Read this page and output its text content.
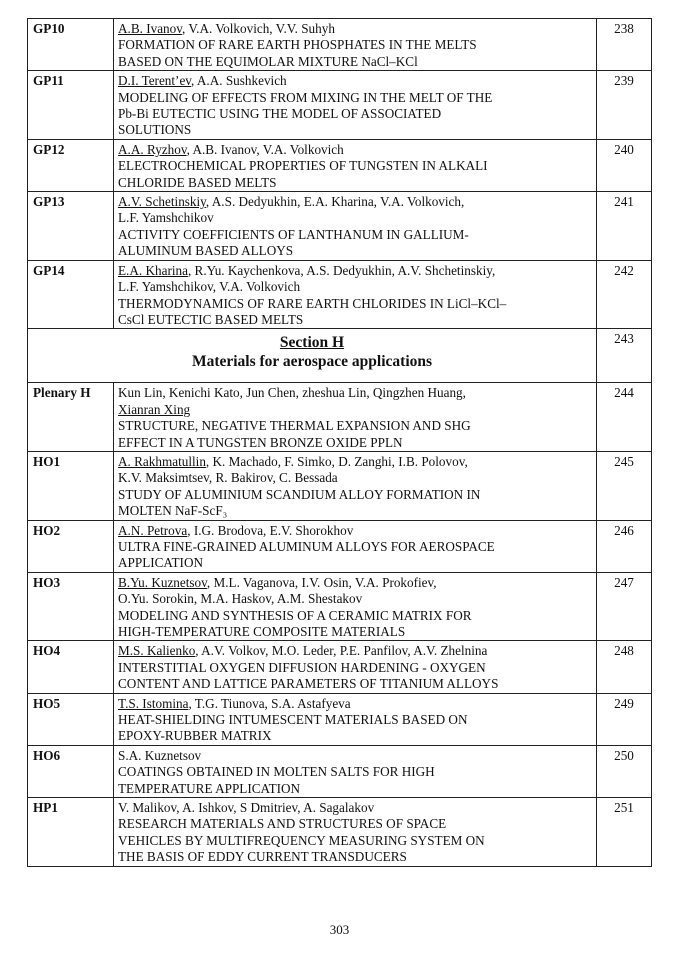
GP10	A.B. Ivanov, V.A. Volkovich, V.V. Suhyh
FORMATION OF RARE EARTH PHOSPHATES IN THE MELTS
BASED ON THE EQUIMOLAR MIXTURE NaCl–KCl	238
GP11	D.I. Terent’ev, A.A. Sushkevich
MODELING OF EFFECTS FROM MIXING IN THE MELT OF THE
Pb-Bi EUTECTIC USING THE MODEL OF ASSOCIATED
SOLUTIONS	239
GP12	A.A. Ryzhov, A.B. Ivanov, V.A. Volkovich
ELECTROCHEMICAL PROPERTIES OF TUNGSTEN IN ALKALI
CHLORIDE BASED MELTS	240
GP13	A.V. Schetinskiy, A.S. Dedyukhin, E.A. Kharina, V.A. Volkovich,
L.F. Yamshchikov
ACTIVITY COEFFICIENTS OF LANTHANUM IN GALLIUM-
ALUMINUM BASED ALLOYS	241
GP14	E.A. Kharina, R.Yu. Kaychenkova, A.S. Dedyukhin, A.V. Shchetinskiy,
L.F. Yamshchikov, V.A. Volkovich
THERMODYNAMICS OF RARE EARTH CHLORIDES IN LiCl–KCl–
CsCl EUTECTIC BASED MELTS	242

Section H
Materials for aerospace applications		243
Plenary H	Kun Lin, Kenichi Kato, Jun Chen, zheshua Lin, Qingzhen Huang,
Xianran Xing
STRUCTURE, NEGATIVE THERMAL EXPANSION AND SHG
EFFECT IN A TUNGSTEN BRONZE OXIDE PPLN	244
HO1	A. Rakhmatullin, K. Machado, F. Simko, D. Zanghi, I.B. Polovov,
K.V. Maksimtsev, R. Bakirov, C. Bessada
STUDY OF ALUMINIUM SCANDIUM ALLOY FORMATION IN
MOLTEN NaF-ScF₃	245
HO2	A.N. Petrova, I.G. Brodova, E.V. Shorokhov
ULTRA FINE-GRAINED ALUMINUM ALLOYS FOR AEROSPACE
APPLICATION	246
HO3	B.Yu. Kuznetsov, M.L. Vaganova, I.V. Osin, V.A. Prokofiev,
O.Yu. Sorokin, M.A. Haskov, A.M. Shestakov
MODELING AND SYNTHESIS OF A CERAMIC MATRIX FOR
HIGH-TEMPERATURE COMPOSITE MATERIALS	247
HO4	M.S. Kalienko, A.V. Volkov, M.O. Leder, P.E. Panfilov, A.V. Zhelnina
INTERSTITIAL OXYGEN DIFFUSION HARDENING - OXYGEN
CONTENT AND LATTICE PARAMETERS OF TITANIUM ALLOYS	248
HO5	T.S. Istomina, T.G. Tiunova, S.A. Astafyeva
HEAT-SHIELDING INTUMESCENT MATERIALS BASED ON
EPOXY-RUBBER MATRIX	249
HO6	S.A. Kuznetsov
COATINGS OBTAINED IN MOLTEN SALTS FOR HIGH
TEMPERATURE APPLICATION	250
HP1	V. Malikov, A. Ishkov, S Dmitriev, A. Sagalakov
RESEARCH MATERIALS AND STRUCTURES OF SPACE
VEHICLES BY MULTIFREQUENCY MEASURING SYSTEM ON
THE BASIS OF EDDY CURRENT TRANSDUCERS	251
303
